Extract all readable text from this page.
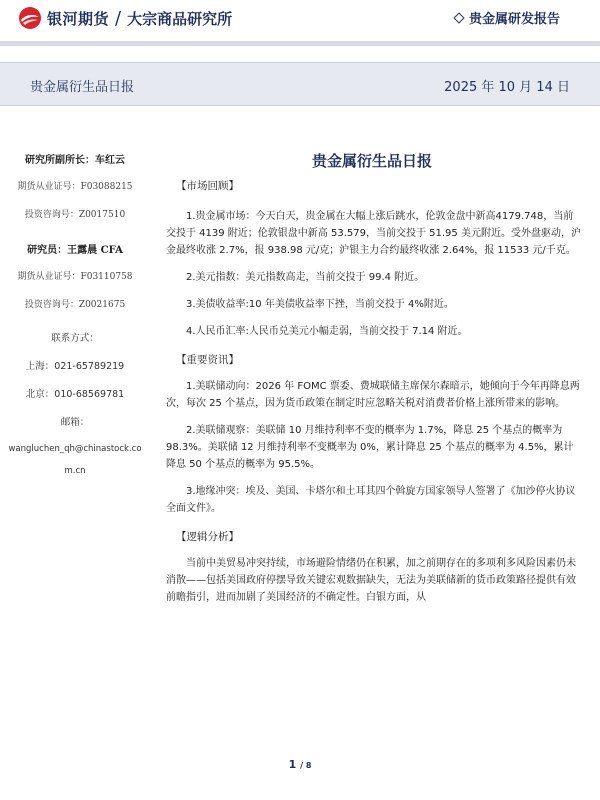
银河期货 / 大宗商品研究所	贵金属研发报告
贵金属衍生品日报	2025 年 10 月 14 日
研究所副所长：车红云
期货从业证号：F03088215
投资咨询号：Z0017510
研究员：王露晨 CFA
期货从业证号：F03110758
投资咨询号：Z0021675
联系方式：
上海：021-65789219
北京：010-68569781
邮箱：
wangluchen_qh@chinastock.co
m.cn
贵金属衍生品日报
【市场回顾】

1.贵金属市场：今天白天，贵金属在大幅上涨后跳水，伦敦金盘中新高4179.748，当前交投于 4139 附近；伦敦银盘中新高 53.579，当前交投于 51.95 美元附近。受外盘驱动，沪金最终收涨 2.7%，报 938.98 元/克；沪银主力合约最终收涨 2.64%，报 11533 元/千克。

2.美元指数：美元指数高走，当前交投于 99.4 附近。

3.美债收益率:10 年美债收益率下挫，当前交投于 4%附近。

4.人民币汇率:人民币兑美元小幅走弱，当前交投于 7.14 附近。

【重要资讯】

1.美联储动向：2026 年 FOMC 票委、费城联储主席保尔森暗示，她倾向于今年再降息两次，每次 25 个基点，因为货币政策在制定时应忽略关税对消费者价格上涨所带来的影响。

2.美联储观察：美联储 10 月维持利率不变的概率为 1.7%，降息 25 个基点的概率为 98.3%。美联储 12 月维持利率不变概率为 0%，累计降息 25 个基点的概率为 4.5%，累计降息 50 个基点的概率为 95.5%。

3.地缘冲突：埃及、美国、卡塔尔和土耳其四个斡旋方国家领导人签署了《加沙停火协议全面文件》。

【逻辑分析】

当前中美贸易冲突持续，市场避险情绪仍在积累，加之前期存在的多项利多风险因素仍未消散——包括美国政府停摆导致关键宏观数据缺失，无法为美联储新的货币政策路径提供有效前瞻指引，进而加剧了美国经济的不确定性。白银方面，从

1 / 8
